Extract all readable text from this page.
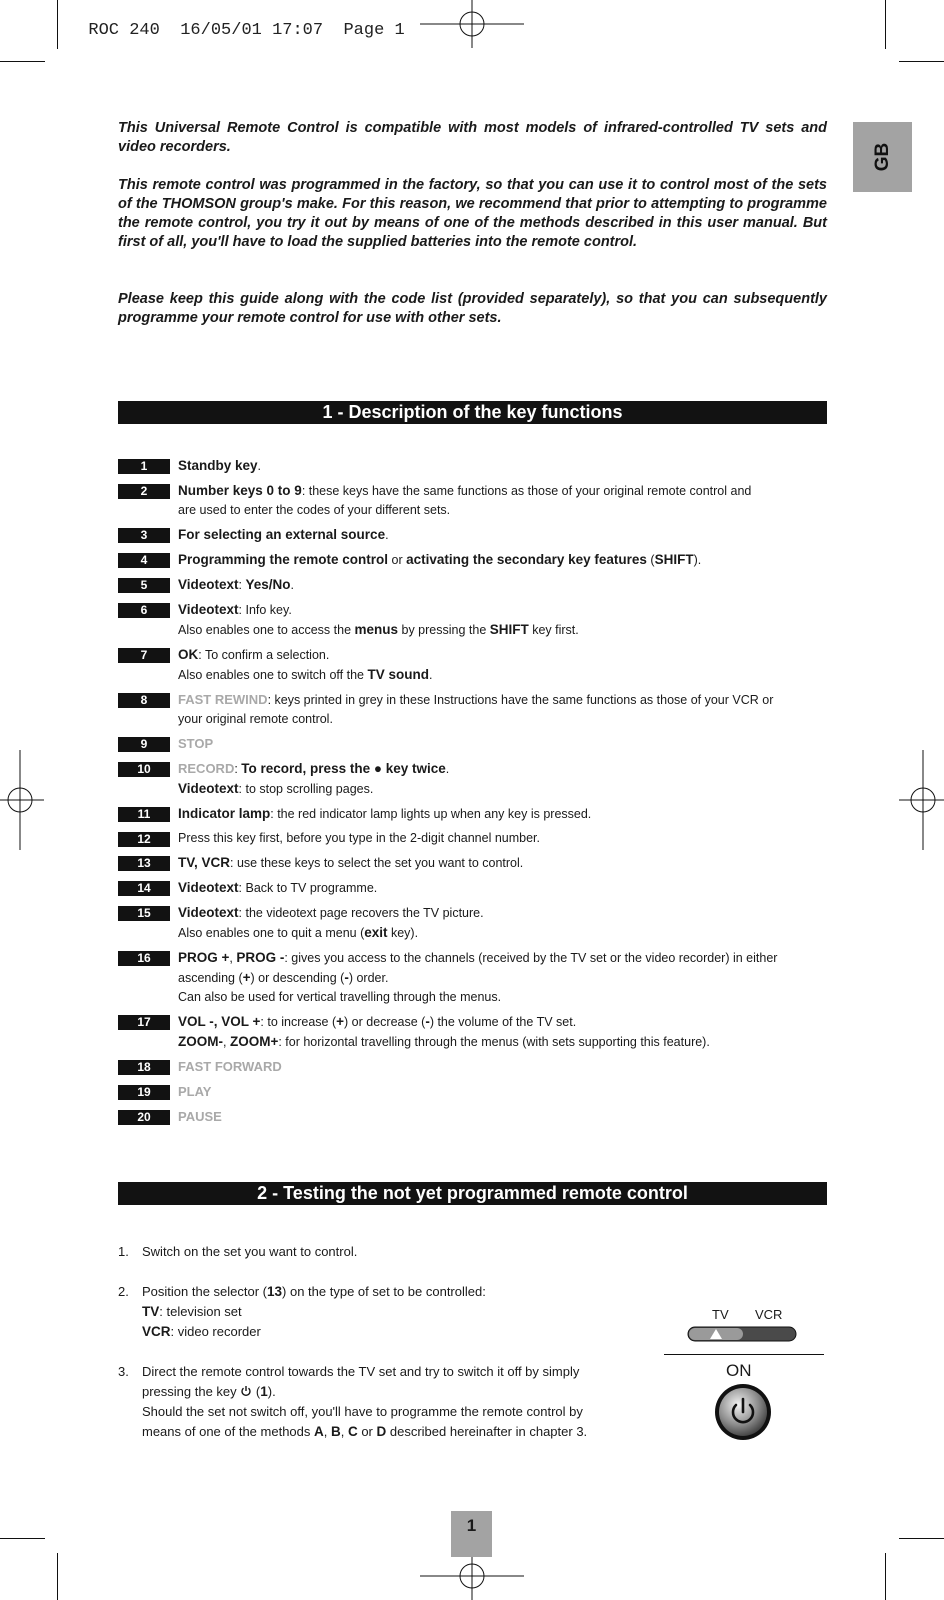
ROC 240 16/05/01 17:07 Page 1

GB

This Universal Remote Control is compatible with most models of infrared-controlled TV sets and video recorders.

This remote control was programmed in the factory, so that you can use it to control most of the sets of the THOMSON group's make. For this reason, we recommend that prior to attempting to programme the remote control, you try it out by means of one of the methods described in this user manual. But first of all, you'll have to load the supplied batteries into the remote control.

Please keep this guide along with the code list (provided separately), so that you can subsequently programme your remote control for use with other sets.

1 - Description of the key functions
1	Standby key.
2	Number keys 0 to 9: these keys have the same functions as those of your original remote control and
are used to enter the codes of your different sets.
3	For selecting an external source.
4	Programming the remote control or activating the secondary key features (SHIFT).
5	Videotext: Yes/No.
6	Videotext: Info key.
Also enables one to access the menus by pressing the SHIFT key first.
7	OK: To confirm a selection.
Also enables one to switch off the TV sound.
8	FAST REWIND: keys printed in grey in these Instructions have the same functions as those of your VCR or
your original remote control.
9	STOP
10	RECORD: To record, press the ● key twice.
Videotext: to stop scrolling pages.
11	Indicator lamp: the red indicator lamp lights up when any key is pressed.
12	Press this key first, before you type in the 2-digit channel number.
13	TV, VCR: use these keys to select the set you want to control.
14	Videotext: Back to TV programme.
15	Videotext: the videotext page recovers the TV picture.
Also enables one to quit a menu (exit key).
16	PROG +, PROG -: gives you access to the channels (received by the TV set or the video recorder) in either
ascending (+) or descending (-) order.
Can also be used for vertical travelling through the menus.
17	VOL -, VOL +: to increase (+) or decrease (-) the volume of the TV set.
ZOOM-, ZOOM+: for horizontal travelling through the menus (with sets supporting this feature).
18	FAST FORWARD
19	PLAY
20	PAUSE
2 - Testing the not yet programmed remote control
1.	Switch on the set you want to control.
2.	Position the selector (13) on the type of set to be controlled:
TV: television set
VCR: video recorder
3.	Direct the remote control towards the TV set and try to switch it off by simply
pressing the key  (1).
Should the set not switch off, you'll have to programme the remote control by
means of one of the methods A, B, C or D described hereinafter in chapter 3.
TV VCR
ON
1
